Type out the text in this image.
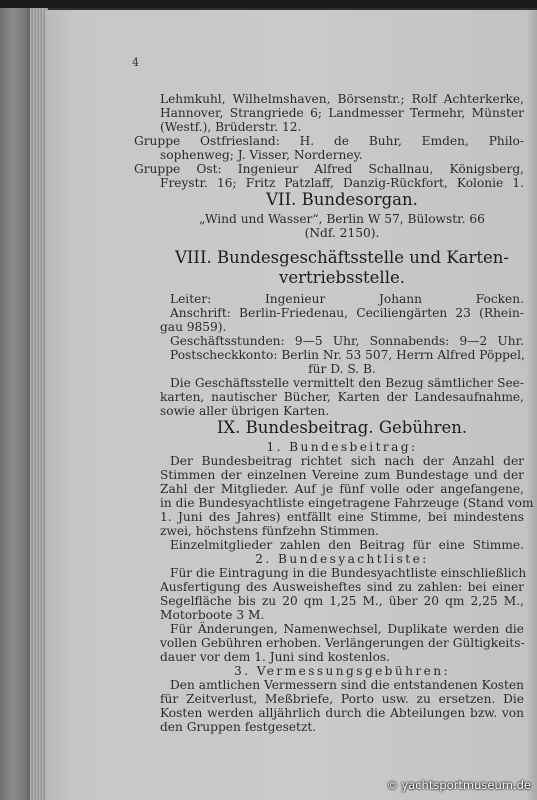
4
Lehmkuhl, Wilhelmshaven, Börsenstr.; Rolf Achterkerke,
Hannover, Strangriede 6; Landmesser Termehr, Münster
(Westf.), Brüderstr. 12.
Gruppe Ostfriesland: H. de Buhr, Emden, Philo-
sophenweg; J. Visser, Norderney.
Gruppe Ost: Ingenieur Alfred Schallnau, Königsberg,
Freystr. 16; Fritz Patzlaff, Danzig-Rückfort, Kolonie 1.
VII. Bundesorgan.
„Wind und Wasser“, Berlin W 57, Bülowstr. 66
(Ndf. 2150).
VIII. Bundesgeschäftsstelle und Karten-
vertriebsstelle.
Leiter: Ingenieur Johann Focken.
Anschrift: Berlin-Friedenau, Ceciliengärten 23 (Rhein-
gau 9859).
Geschäftsstunden: 9—5 Uhr, Sonnabends: 9—2 Uhr.
Postscheckkonto: Berlin Nr. 53 507, Herrn Alfred Pöppel,
für D. S. B.
Die Geschäftsstelle vermittelt den Bezug sämtlicher See-
karten, nautischer Bücher, Karten der Landesaufnahme,
sowie aller übrigen Karten.
IX. Bundesbeitrag. Gebühren.
1. Bundesbeitrag:
Der Bundesbeitrag richtet sich nach der Anzahl der
Stimmen der einzelnen Vereine zum Bundestage und der
Zahl der Mitglieder. Auf je fünf volle oder angefangene,
in die Bundesyachtliste eingetragene Fahrzeuge (Stand vom
1. Juni des Jahres) entfällt eine Stimme, bei mindestens
zwei, höchstens fünfzehn Stimmen.
Einzelmitglieder zahlen den Beitrag für eine Stimme.
2. Bundesyachtliste:
Für die Eintragung in die Bundesyachtliste einschließlich
Ausfertigung des Ausweisheftes sind zu zahlen: bei einer
Segelfläche bis zu 20 qm 1,25 M., über 20 qm 2,25 M.,
Motorboote 3 M.
Für Änderungen, Namenwechsel, Duplikate werden die
vollen Gebühren erhoben. Verlängerungen der Gültigkeits-
dauer vor dem 1. Juni sind kostenlos.
3. Vermessungsgebühren:
Den amtlichen Vermessern sind die entstandenen Kosten
für Zeitverlust, Meßbriefe, Porto usw. zu ersetzen. Die
Kosten werden alljährlich durch die Abteilungen bzw. von
den Gruppen festgesetzt.
© yachtsportmuseum.de
